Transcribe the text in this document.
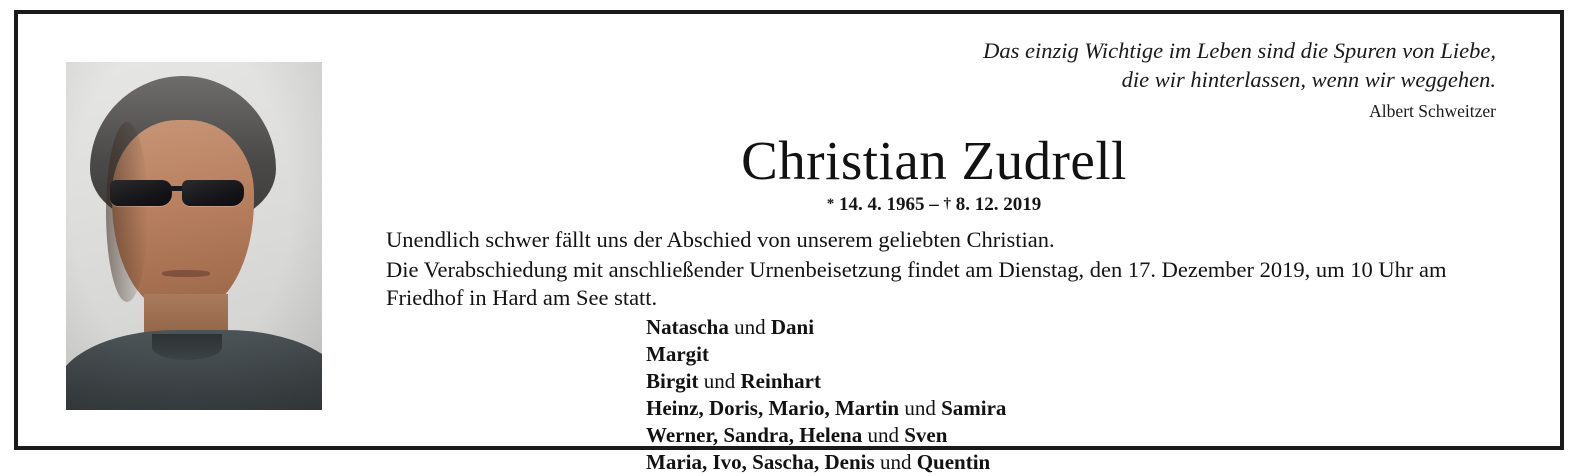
Das einzig Wichtige im Leben sind die Spuren von Liebe,
die wir hinterlassen, wenn wir weggehen.
Albert Schweitzer
Christian Zudrell
* 14. 4. 1965 – † 8. 12. 2019

Unendlich schwer fällt uns der Abschied von unserem geliebten Christian.

Die Verabschiedung mit anschließender Urnenbeisetzung findet am Dienstag, den 17. Dezember 2019, um 10 Uhr am Friedhof in Hard am See statt.

Natascha und Dani
Margit
Birgit und Reinhart
Heinz, Doris, Mario, Martin und Samira
Werner, Sandra, Helena und Sven
Maria, Ivo, Sascha, Denis und Quentin
